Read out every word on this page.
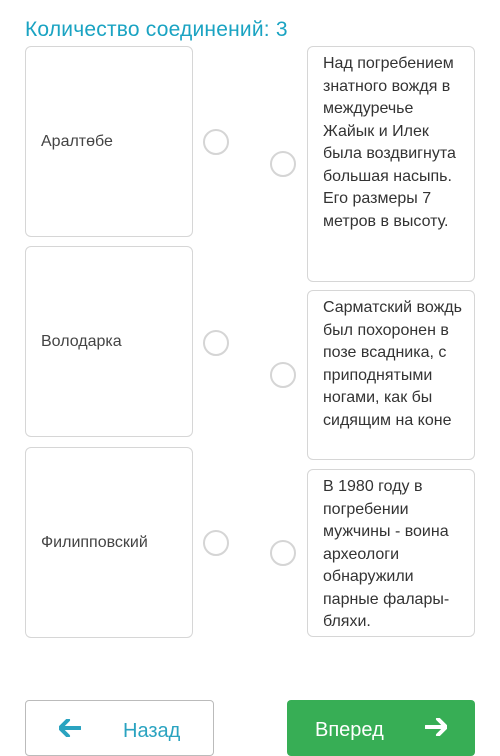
Количество соединений: 3
Аралтөбе
Володарка
Филипповский
Над погребением знатного вождя в междуречье Жайык и Илек была воздвигнута большая насыпь. Его размеры 7 метров в высоту.
Сарматский вождь был похоронен в позе всадника, с приподнятыми ногами, как бы сидящим на коне
В 1980 году в погребении мужчины - воина археологи обнаружили парные фалары-бляхи.
Назад	Вперед
